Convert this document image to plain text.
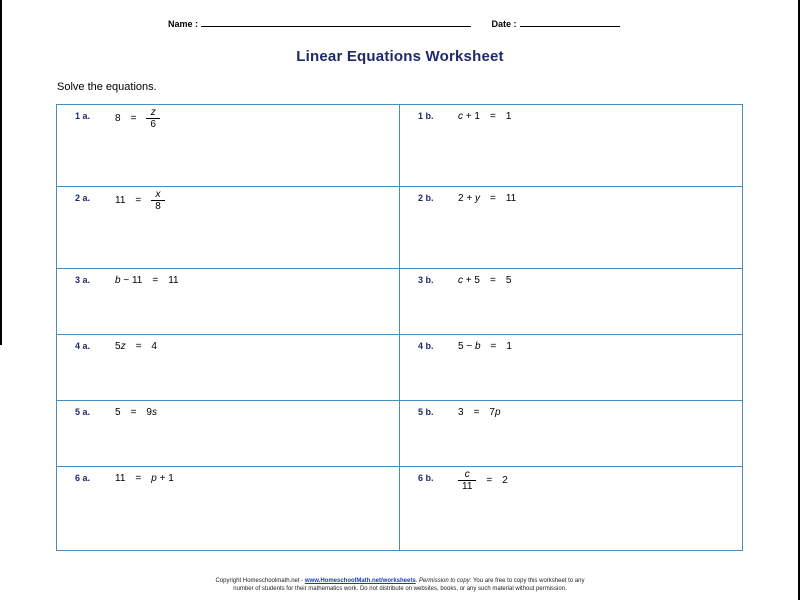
Name :	Date :
Linear Equations Worksheet
Solve the equations.
1 a. $8 = \frac{z}{6}$	1 b. c + 1 = 1
2 a. $11 = \frac{x}{8}$	2 b. 2 + y = 11
3 a. b − 11 = 11	3 b. c + 5 = 5
4 a. 5z = 4	4 b. 5 − b = 1
5 a. 5 = 9s	5 b. 3 = 7p
6 a. 11 = p + 1	6 b. $\frac{c}{11} = 2$
Copyright Homeschoolmath.net - www.HomeschoolMath.net/worksheets. Permission to copy: You are free to copy this worksheet to any
number of students for their mathematics work. Do not distribute on websites, books, or any such material without permission.
